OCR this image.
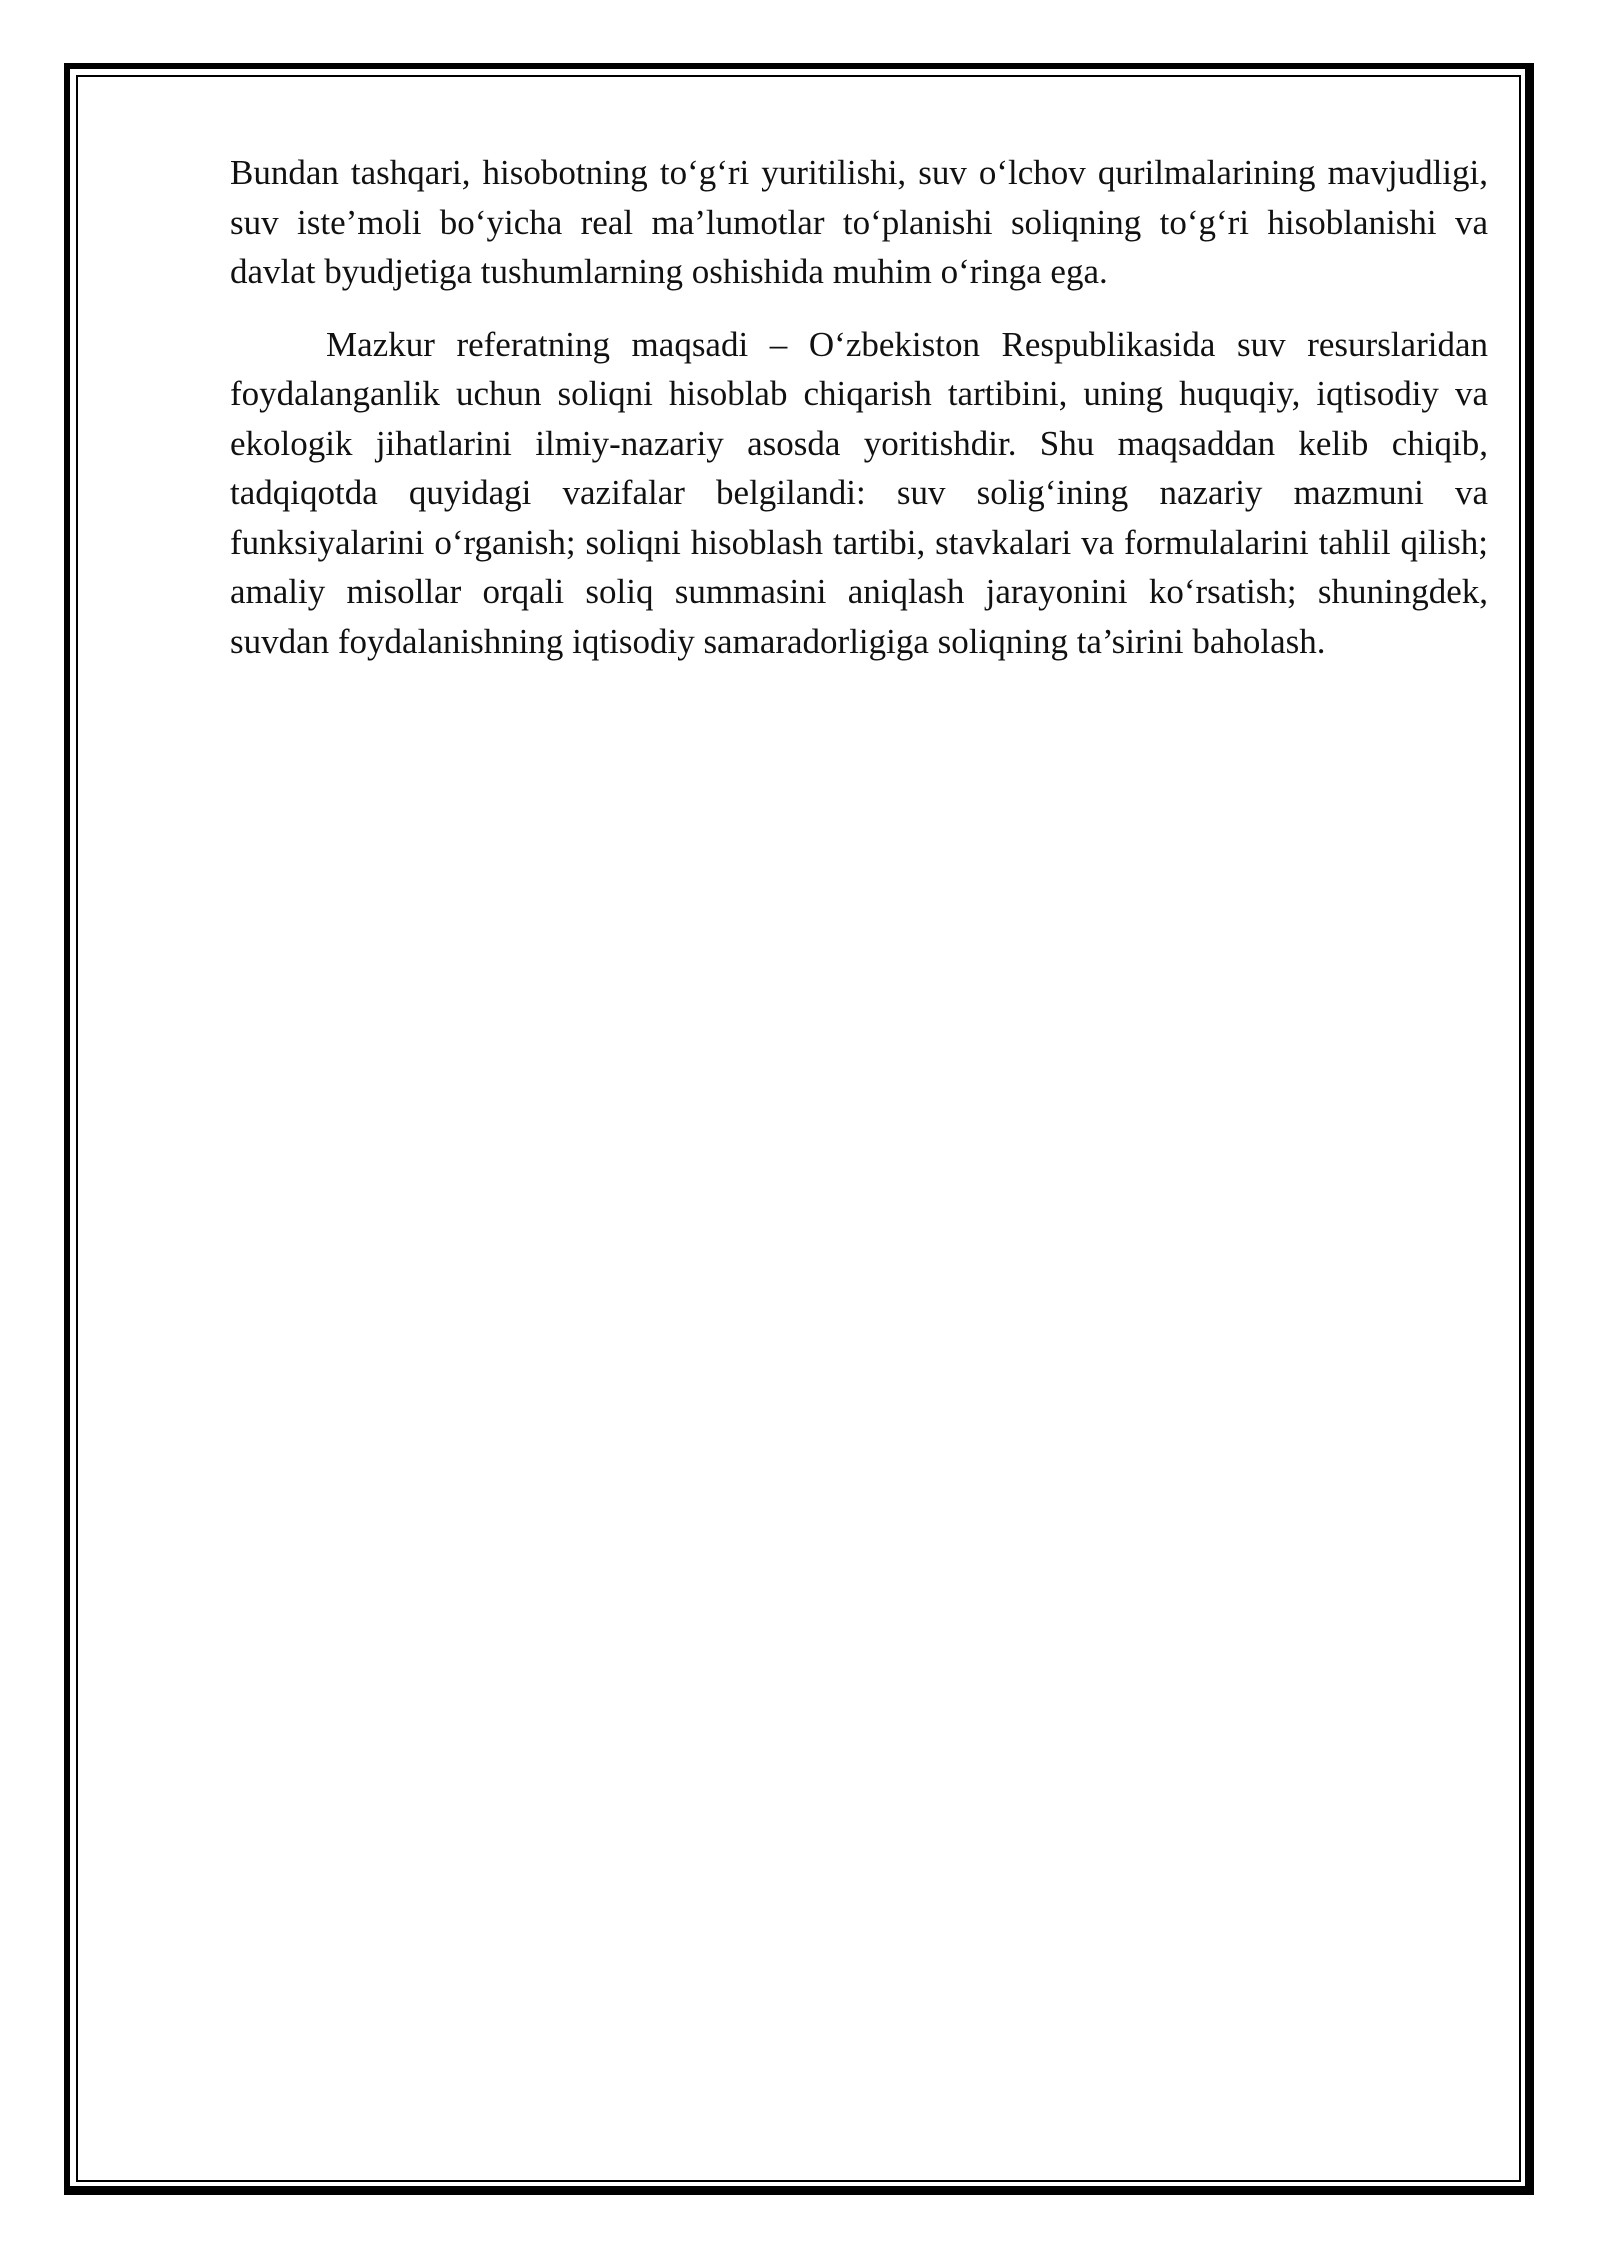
Bundan tashqari, hisobotning to‘g‘ri yuritilishi, suv o‘lchov qurilmalarining mavjudligi, suv iste’moli bo‘yicha real ma’lumotlar to‘planishi soliqning to‘g‘ri hisoblanishi va davlat byudjetiga tushumlarning oshishida muhim o‘ringa ega.

Mazkur referatning maqsadi – O‘zbekiston Respublikasida suv resurslaridan foydalanganlik uchun soliqni hisoblab chiqarish tartibini, uning huquqiy, iqtisodiy va ekologik jihatlarini ilmiy-nazariy asosda yoritishdir. Shu maqsaddan kelib chiqib, tadqiqotda quyidagi vazifalar belgilandi: suv solig‘ining nazariy mazmuni va funksiyalarini o‘rganish; soliqni hisoblash tartibi, stavkalari va formulalarini tahlil qilish; amaliy misollar orqali soliq summasini aniqlash jarayonini ko‘rsatish; shuningdek, suvdan foydalanishning iqtisodiy samaradorligiga soliqning ta’sirini baholash.
